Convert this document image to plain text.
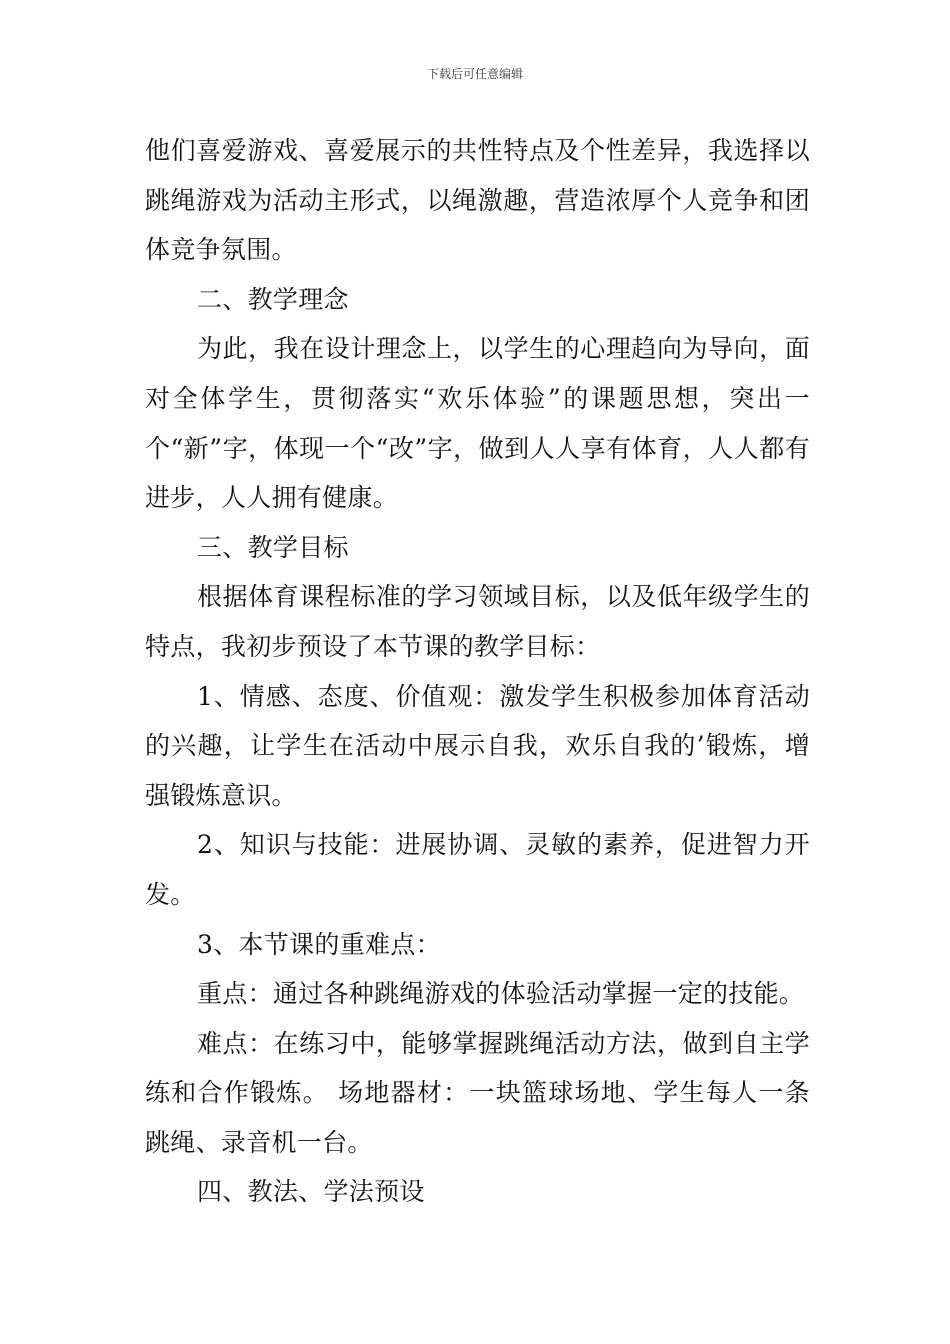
下载后可任意编辑

他们喜爱游戏、喜爱展示的共性特点及个性差异，我选择以跳绳游戏为活动主形式，以绳激趣，营造浓厚个人竞争和团体竞争氛围。

二、教学理念

为此，我在设计理念上，以学生的心理趋向为导向，面对全体学生，贯彻落实“欢乐体验”的课题思想，突出一个“新”字，体现一个“改”字，做到人人享有体育，人人都有进步，人人拥有健康。

三、教学目标

根据体育课程标准的学习领域目标，以及低年级学生的特点，我初步预设了本节课的教学目标：

1、情感、态度、价值观：激发学生积极参加体育活动的兴趣，让学生在活动中展示自我，欢乐自我的’锻炼，增强锻炼意识。

2、知识与技能：进展协调、灵敏的素养，促进智力开发。

3、本节课的重难点：

重点：通过各种跳绳游戏的体验活动掌握一定的技能。

难点：在练习中，能够掌握跳绳活动方法，做到自主学练和合作锻炼。 场地器材：一块篮球场地、学生每人一条跳绳、录音机一台。

四、教法、学法预设
